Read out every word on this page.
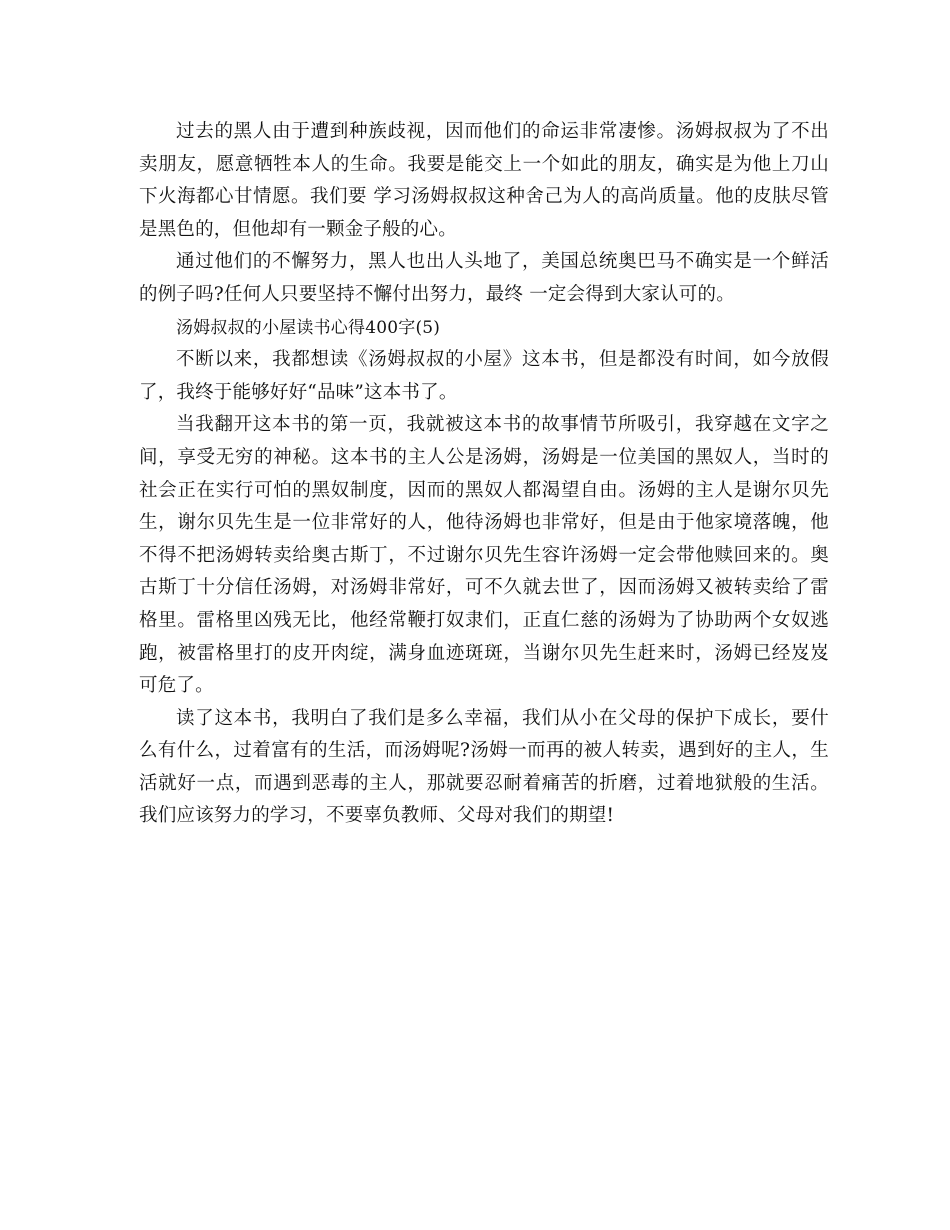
过去的黑人由于遭到种族歧视，因而他们的命运非常凄惨。汤姆叔叔为了不出卖朋友，愿意牺牲本人的生命。我要是能交上一个如此的朋友，确实是为他上刀山下火海都心甘情愿。我们要 学习汤姆叔叔这种舍己为人的高尚质量。他的皮肤尽管是黑色的，但他却有一颗金子般的心。

通过他们的不懈努力，黑人也出人头地了，美国总统奥巴马不确实是一个鲜活的例子吗?任何人只要坚持不懈付出努力，最终 一定会得到大家认可的。

汤姆叔叔的小屋读书心得400字(5)

不断以来，我都想读《汤姆叔叔的小屋》这本书，但是都没有时间，如今放假了，我终于能够好好“品味”这本书了。

当我翻开这本书的第一页，我就被这本书的故事情节所吸引，我穿越在文字之间，享受无穷的神秘。这本书的主人公是汤姆，汤姆是一位美国的黑奴人，当时的社会正在实行可怕的黑奴制度，因而的黑奴人都渴望自由。汤姆的主人是谢尔贝先生，谢尔贝先生是一位非常好的人，他待汤姆也非常好，但是由于他家境落魄，他不得不把汤姆转卖给奥古斯丁，不过谢尔贝先生容许汤姆一定会带他赎回来的。奥古斯丁十分信任汤姆，对汤姆非常好，可不久就去世了，因而汤姆又被转卖给了雷格里。雷格里凶残无比，他经常鞭打奴隶们，正直仁慈的汤姆为了协助两个女奴逃跑，被雷格里打的皮开肉绽，满身血迹斑斑，当谢尔贝先生赶来时，汤姆已经岌岌可危了。

读了这本书，我明白了我们是多么幸福，我们从小在父母的保护下成长，要什么有什么，过着富有的生活，而汤姆呢?汤姆一而再的被人转卖，遇到好的主人，生活就好一点，而遇到恶毒的主人，那就要忍耐着痛苦的折磨，过着地狱般的生活。我们应该努力的学习，不要辜负教师、父母对我们的期望!
